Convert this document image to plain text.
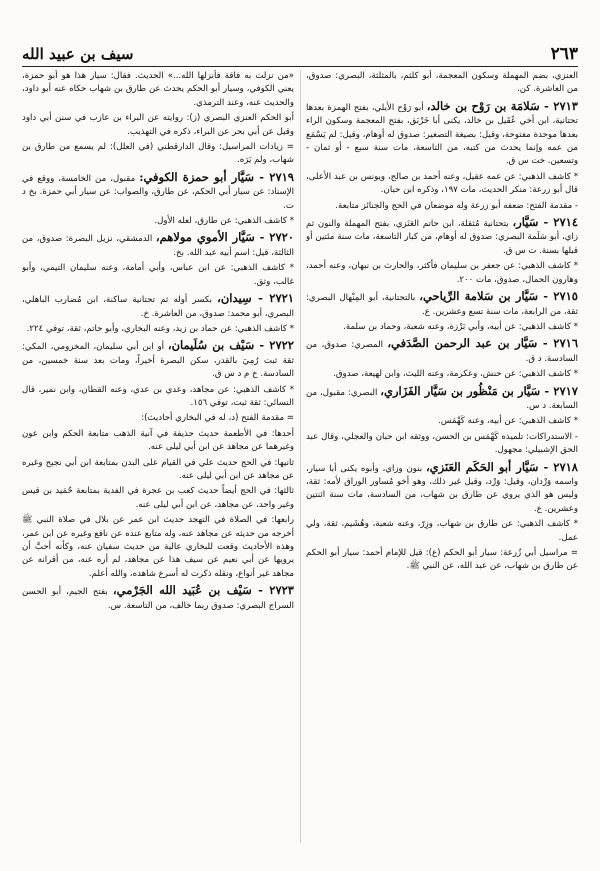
٢٦٣
سيف بن عبيد الله

العنزي، بضم المهملة وسكون المعجمة، أبو كلثم، بالمثلثة، البصري: صدوق، من العاشرة. كن.

٢٧١٣ - سَلامَة بن رَوْح بن خالد، أبو رَوْح الأيلي، بفتح الهمزة بعدها تحتانية، ابن أخي عُقَيل بن خالد، يكنى أبا خَرْبَق، بفتح المعجمة وسكون الراء بعدها موحدة مفتوحة، وقيل: بصيغة التصغير: صدوق له أوهام، وقيل: لم يَسْمَع من عمه وإنما يحدث من كتبه، من التاسعة، مات سنة سبع - أو ثمان - وتسعين. خت س ق.

* كاشف الذهبي: عن عمه عقيل، وعنه أحمد بن صالح، ويونس بن عبد الأعلى، قال أبو زرعة: منكر الحديث، مات ١٩٧، وذكره ابن حبان.

- مقدمة الفتح: ضعفه أبو زرعة وله موضعان في الحج والجنائز متابعة.

٢٧١٤ - سَيَّار، بتحتانية مُثقلة، ابن حاتم العَنَزي، بفتح المهملة والنون ثم زاي، أبو سَلَمة البصري: صدوق له أوهام، من كبار التاسعة، مات سنة مئتين أو قبلها بسنة. ت س ق.

* كاشف الذهبي: عن جعفر بن سليمان فأكثر، والحارث بن نبهان، وعنه أحمد، وهارون الحمال، صدوق، مات ٢٠٠.

٢٧١٥ - سَيَّار بن سَلامة الرِّياحي، بالتحتانية، أبو المِنْهال البصري: ثقة، من الرابعة، مات سنة تسع وعشرين. ع.

* كاشف الذهبي: عن أبيه، وأبي بَرْزة، وعنه شعبة، وحماد بن سلمة.

٢٧١٦ - سَيَّار بن عبد الرحمن الصَّدَفي، المصري: صدوق، من السادسة. د ق.

* كاشف الذهبي: عن حنش، وعكرمة، وعنه الليث، وابن لهيعة، صدوق.

٢٧١٧ - سَيَّار بن مَنْظُور بن سَيَّار الفَزَاري، البصري: مقبول، من السابعة. د س.

* كاشف الذهبي: عن أبيه، وعنه كَهْمَس.

- الاستدراكات: تلميذه كَهْمَس بن الحسن، ووثقه ابن حبان والعجلي، وقال عبد الحق الإشبيلي: مجهول.

٢٧١٨ - سَيَّار أبو الحَكَم العَنَزي، بنون وزاي، وأبوه يكنى أبا سيار، واسمه وَرْدان، وقيل: وَرْد، وقيل غير ذلك، وهو أخو مُساور الوراق لأمه: ثقة، وليس هو الذي يروي عن طارق بن شهاب، من السادسة، مات سنة اثنتين وعشرين. ع.

* كاشف الذهبي: عن طارق بن شهاب، وزِرّ، وعنه شعبة، وهُشَيم، ثقة، ولي عمل.

= مراسيل أبي زُرعة: سيار أبو الحكم (ع): قيل للإمام أحمد: سيار أبو الحكم عن طارق بن شهاب، عن عبد الله، عن النبي ﷺ.

«من نزلت به فاقة فأنزلها الله...» الحديث. فقال: سيار هذا هو أبو حمزة، يعني الكوفي، وسيار أبو الحكم يحدث عن طارق بن شهاب حكاه عنه أبو داود، والحديث عنه، وعند الترمذي.

أبو الحكم العنزي البصري (ز): روايته عن البراء بن عازب في سنن أبي داود وقيل عن أبي بحر عن البراء، ذكره في التهذيب.

= زيادات المراسيل: وقال الدارقطني (في العلل): لم يسمع من طارق بن شهاب، ولم يَرَه.

٢٧١٩ - سَيَّار أبو حمزة الكوفي: مقبول، من الخامسة، ووقع في الإسناد: عن سيار أبي الحكم، عن طارق، والصواب: عن سيار أبي حمزة. بخ د ت.

* كاشف الذهبي: عن طارق، لعله الأول.

٢٧٢٠ - سَيَّار الأموي مولاهم، الدمشقي، نزيل البصرة: صدوق، من الثالثة، قيل: اسم أبيه عبد الله. بخ.

* كاشف الذهبي: عن ابن عباس، وأبي أمامة، وعنه سليمان التيمي، وأبو غالب، وثق.

٢٧٢١ - سِيدان، بكسر أوله ثم تحتانية ساكنة، ابن مُضارب الباهلي، البصري، أبو محمد: صدوق، من العاشرة. خ.

* كاشف الذهبي: عن حماد بن زيد، وعنه البخاري، وأبو حاتم، ثقة، توفي ٢٢٤.

٢٧٢٢ - سَيْف بن سُلَيمان، أو ابن أبي سليمان، المخزومي، المكي: ثقة ثبت رُمِيَ بالقدر، سكن البصرة أخيراً، ومات بعد سنة خمسين، من السادسة. خ م د س ق.

* كاشف الذهبي: عن مجاهد، وعدي بن عدي، وعنه القطان، وابن نمير، قال النسائي: ثقة ثبت، توفي ١٥٦.

= مقدمة الفتح (د، له في البخاري أحاديث):

أحدها: في الأطعمة حديث حذيفة في آنية الذهب متابعة الحكم وابن عون وغيرهما عن مجاهد عن ابن أبي ليلى عنه.

ثانيها: في الحج حديث علي في القيام على البدن بمتابعة ابن أبي نجيح وغيره عن مجاهد عن ابن أبي ليلى عنه.

ثالثها: في الحج أيضاً حديث كعب بن عجرة في الفدية بمتابعة حُمَيد بن قيس وغير واحد، عن مجاهد، عن ابن أبي ليلى عنه.

رابعها: في الصلاة في التهجد حديث ابن عمر عن بلال في صلاة النبي ﷺ أخرجه من حديثه عن مجاهد عنه، وله متابع عنده عن نافع وغيره عن ابن عمر، وهذه الأحاديث وقعت للبخاري عالية من حديث سفيان عنه، وكأنه أحبَّ أن يرويها عن أبي نعيم عن سيف هذا عن مجاهد، لم أره عنه، من أقرانه عن مجاهد غير أنواع، ونقله ذكرت له أسرع شاهده، والله أعلم.

٢٧٢٣ - سَيْف بن عُبَيد الله الجَرْمي، بفتح الجيم، أبو الحسن السراج البصري: صدوق ربما خالف، من التاسعة. س.
